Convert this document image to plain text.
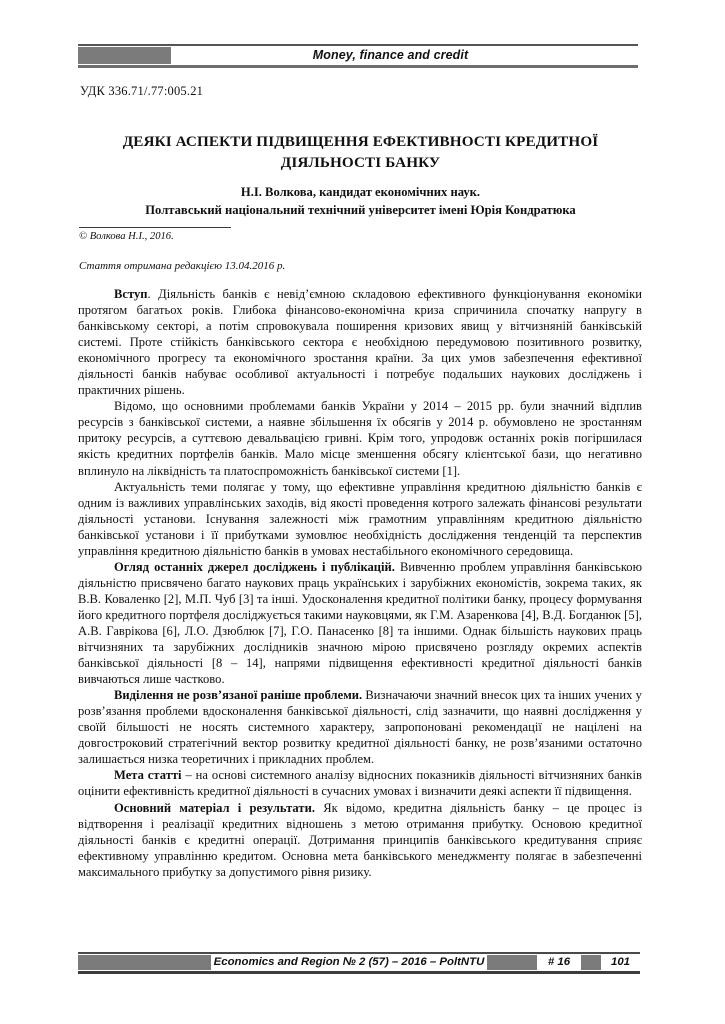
Money, finance and credit
УДК 336.71/.77:005.21
ДЕЯКІ АСПЕКТИ ПІДВИЩЕННЯ ЕФЕКТИВНОСТІ КРЕДИТНОЇ ДІЯЛЬНОСТІ БАНКУ
Н.І. Волкова, кандидат економічних наук.
Полтавський національний технічний університет імені Юрія Кондратюка
© Волкова Н.І., 2016.
Стаття отримана редакцією 13.04.2016 р.

Вступ. Діяльність банків є невід’ємною складовою ефективного функціонування економіки протягом багатьох років. Глибока фінансово-економічна криза спричинила спочатку напругу в банківському секторі, а потім спровокувала поширення кризових явищ у вітчизняній банківській системі. Проте стійкість банківського сектора є необхідною передумовою позитивного розвитку, економічного прогресу та економічного зростання країни. За цих умов забезпечення ефективної діяльності банків набуває особливої актуальності і потребує подальших наукових досліджень і практичних рішень.

Відомо, що основними проблемами банків України у 2014 – 2015 рр. були значний відплив ресурсів з банківської системи, а наявне збільшення їх обсягів у 2014 р. обумовлено не зростанням притоку ресурсів, а суттєвою девальвацією гривні. Крім того, упродовж останніх років погіршилася якість кредитних портфелів банків. Мало місце зменшення обсягу клієнтської бази, що негативно вплинуло на ліквідність та платоспроможність банківської системи [1].

Актуальність теми полягає у тому, що ефективне управління кредитною діяльністю банків є одним із важливих управлінських заходів, від якості проведення котрого залежать фінансові результати діяльності установи. Існування залежності між грамотним управлінням кредитною діяльністю банківської установи і її прибутками зумовлює необхідність дослідження тенденцій та перспектив управління кредитною діяльністю банків в умовах нестабільного економічного середовища.

Огляд останніх джерел досліджень і публікацій. Вивченню проблем управління банківською діяльністю присвячено багато наукових праць українських і зарубіжних економістів, зокрема таких, як В.В. Коваленко [2], М.П. Чуб [3] та інші. Удосконалення кредитної політики банку, процесу формування його кредитного портфеля досліджується такими науковцями, як Г.М. Азаренкова [4], В.Д. Богданюк [5], А.В. Гаврікова [6], Л.О. Дзюблюк [7], Г.О. Панасенко [8] та іншими. Однак більшість наукових праць вітчизняних та зарубіжних дослідників значною мірою присвячено розгляду окремих аспектів банківської діяльності [8 – 14], напрями підвищення ефективності кредитної діяльності банків вивчаються лише частково.

Виділення не розв’язаної раніше проблеми. Визначаючи значний внесок цих та інших учених у розв’язання проблеми вдосконалення банківської діяльності, слід зазначити, що наявні дослідження у своїй більшості не носять системного характеру, запропоновані рекомендації не націлені на довгостроковий стратегічний вектор розвитку кредитної діяльності банку, не розв’язаними остаточно залишається низка теоретичних і прикладних проблем.

Мета статті – на основі системного аналізу відносних показників діяльності вітчизняних банків оцінити ефективність кредитної діяльності в сучасних умовах і визначити деякі аспекти її підвищення.

Основний матеріал і результати. Як відомо, кредитна діяльність банку – це процес із відтворення і реалізації кредитних відношень з метою отримання прибутку. Основою кредитної діяльності банків є кредитні операції. Дотримання принципів банківського кредитування сприяє ефективному управлінню кредитом. Основна мета банківського менеджменту полягає в забезпеченні максимального прибутку за допустимого рівня ризику.

Economics and Region № 2 (57) – 2016 – PoltNTU	# 16	101
